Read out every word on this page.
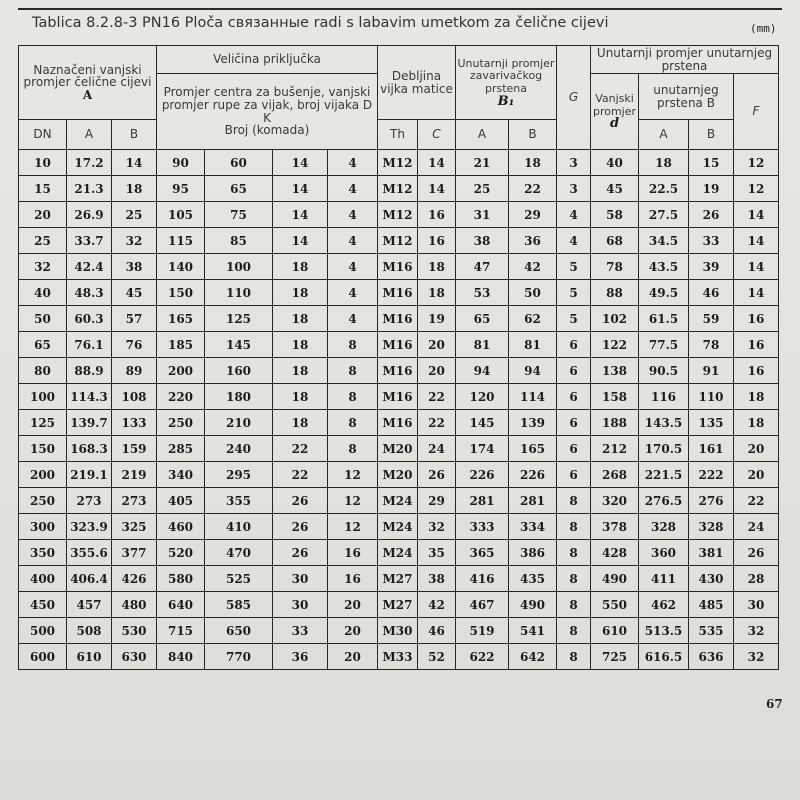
Tablica 8.2.8-3 PN16 Ploča связанные radi s labavim umetkom za čelične cijevi	(mm)
Naznačeni vanjski promjer čelične cijevi
A			Veličina priključka				Debljina vijka matice		Unutarnji promjer zavarivačkog prstena
B₁		G	Unutarnji promjer unutarnjeg prstena			
			Promjer centra za bušenje, vanjski promjer rupe za vijak, broj vijaka D K
Broj (komada)									Vanjski promjer
d	unutarnjeg prstena B		F
DN	A	B					Th	C	A	B			A	B	
10	17.2	14	90	60	14	4	M12	14	21	18	3	40	18	15	12
15	21.3	18	95	65	14	4	M12	14	25	22	3	45	22.5	19	12
20	26.9	25	105	75	14	4	M12	16	31	29	4	58	27.5	26	14
25	33.7	32	115	85	14	4	M12	16	38	36	4	68	34.5	33	14
32	42.4	38	140	100	18	4	M16	18	47	42	5	78	43.5	39	14
40	48.3	45	150	110	18	4	M16	18	53	50	5	88	49.5	46	14
50	60.3	57	165	125	18	4	M16	19	65	62	5	102	61.5	59	16
65	76.1	76	185	145	18	8	M16	20	81	81	6	122	77.5	78	16
80	88.9	89	200	160	18	8	M16	20	94	94	6	138	90.5	91	16
100	114.3	108	220	180	18	8	M16	22	120	114	6	158	116	110	18
125	139.7	133	250	210	18	8	M16	22	145	139	6	188	143.5	135	18
150	168.3	159	285	240	22	8	M20	24	174	165	6	212	170.5	161	20
200	219.1	219	340	295	22	12	M20	26	226	226	6	268	221.5	222	20
250	273	273	405	355	26	12	M24	29	281	281	8	320	276.5	276	22
300	323.9	325	460	410	26	12	M24	32	333	334	8	378	328	328	24
350	355.6	377	520	470	26	16	M24	35	365	386	8	428	360	381	26
400	406.4	426	580	525	30	16	M27	38	416	435	8	490	411	430	28
450	457	480	640	585	30	20	M27	42	467	490	8	550	462	485	30
500	508	530	715	650	33	20	M30	46	519	541	8	610	513.5	535	32
600	610	630	840	770	36	20	M33	52	622	642	8	725	616.5	636	32
67
